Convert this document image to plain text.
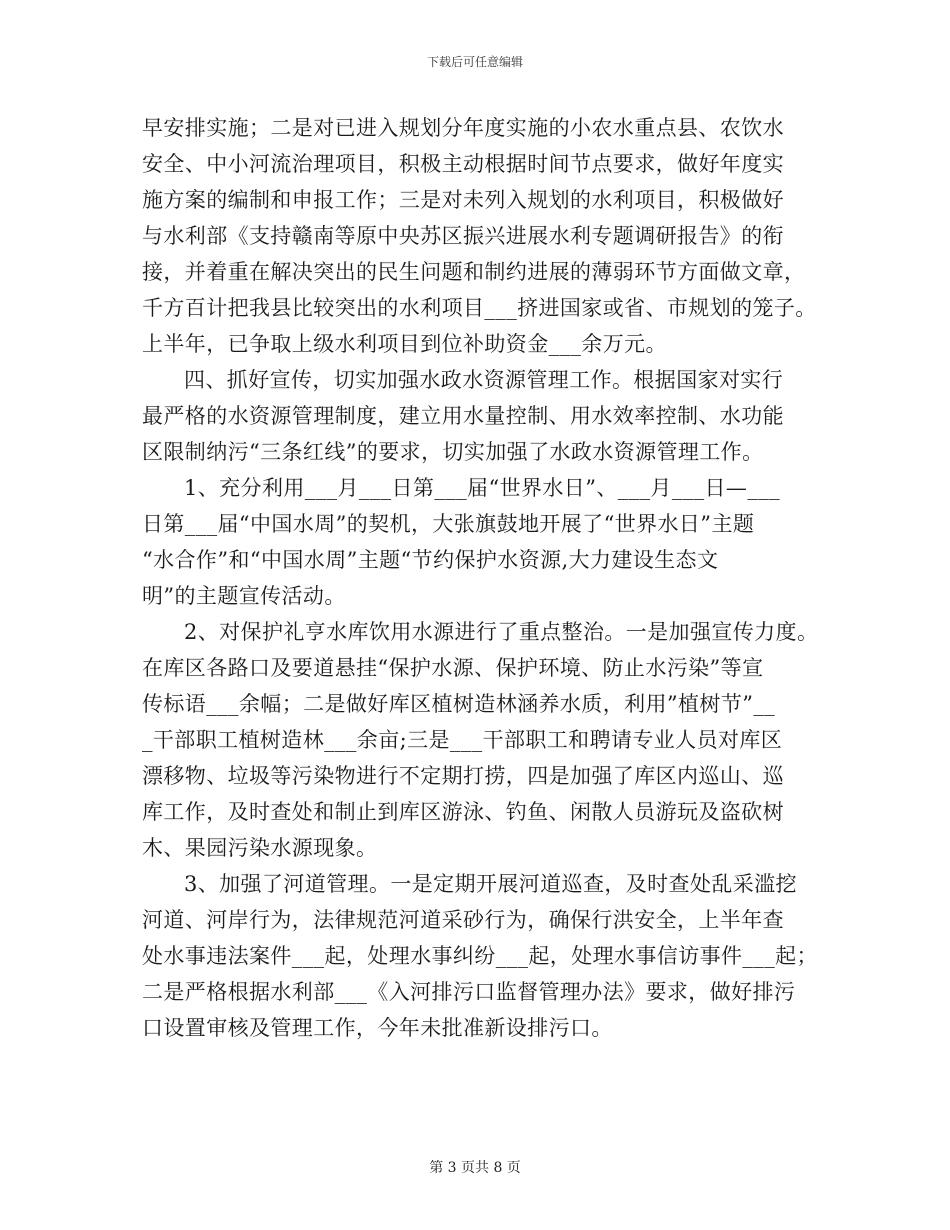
下载后可任意编辑
早安排实施；二是对已进入规划分年度实施的小农水重点县、农饮水
安全、中小河流治理项目，积极主动根据时间节点要求，做好年度实
施方案的编制和申报工作；三是对未列入规划的水利项目，积极做好
与水利部《支持赣南等原中央苏区振兴进展水利专题调研报告》的衔
接，并着重在解决突出的民生问题和制约进展的薄弱环节方面做文章，
千方百计把我县比较突出的水利项目___挤进国家或省、市规划的笼子。
上半年，已争取上级水利项目到位补助资金___余万元。
四、抓好宣传，切实加强水政水资源管理工作。根据国家对实行
最严格的水资源管理制度，建立用水量控制、用水效率控制、水功能
区限制纳污“三条红线”的要求，切实加强了水政水资源管理工作。
1、充分利用___月___日第___届“世界水日”、___月___日—___
日第___届“中国水周”的契机，大张旗鼓地开展了“世界水日”主题
“水合作”和“中国水周”主题“节约保护水资源,大力建设生态文
明”的主题宣传活动。
2、对保护礼亨水库饮用水源进行了重点整治。一是加强宣传力度。
在库区各路口及要道悬挂“保护水源、保护环境、防止水污染”等宣
传标语___余幅；二是做好库区植树造林涵养水质，利用”植树节”__
_干部职工植树造林___余亩;三是___干部职工和聘请专业人员对库区
漂移物、垃圾等污染物进行不定期打捞，四是加强了库区内巡山、巡
库工作，及时查处和制止到库区游泳、钓鱼、闲散人员游玩及盗砍树
木、果园污染水源现象。
3、加强了河道管理。一是定期开展河道巡查，及时查处乱采滥挖
河道、河岸行为，法律规范河道采砂行为，确保行洪安全，上半年查
处水事违法案件___起，处理水事纠纷___起，处理水事信访事件___起；
二是严格根据水利部___《入河排污口监督管理办法》要求，做好排污
口设置审核及管理工作，今年未批准新设排污口。
第 3 页共 8 页
